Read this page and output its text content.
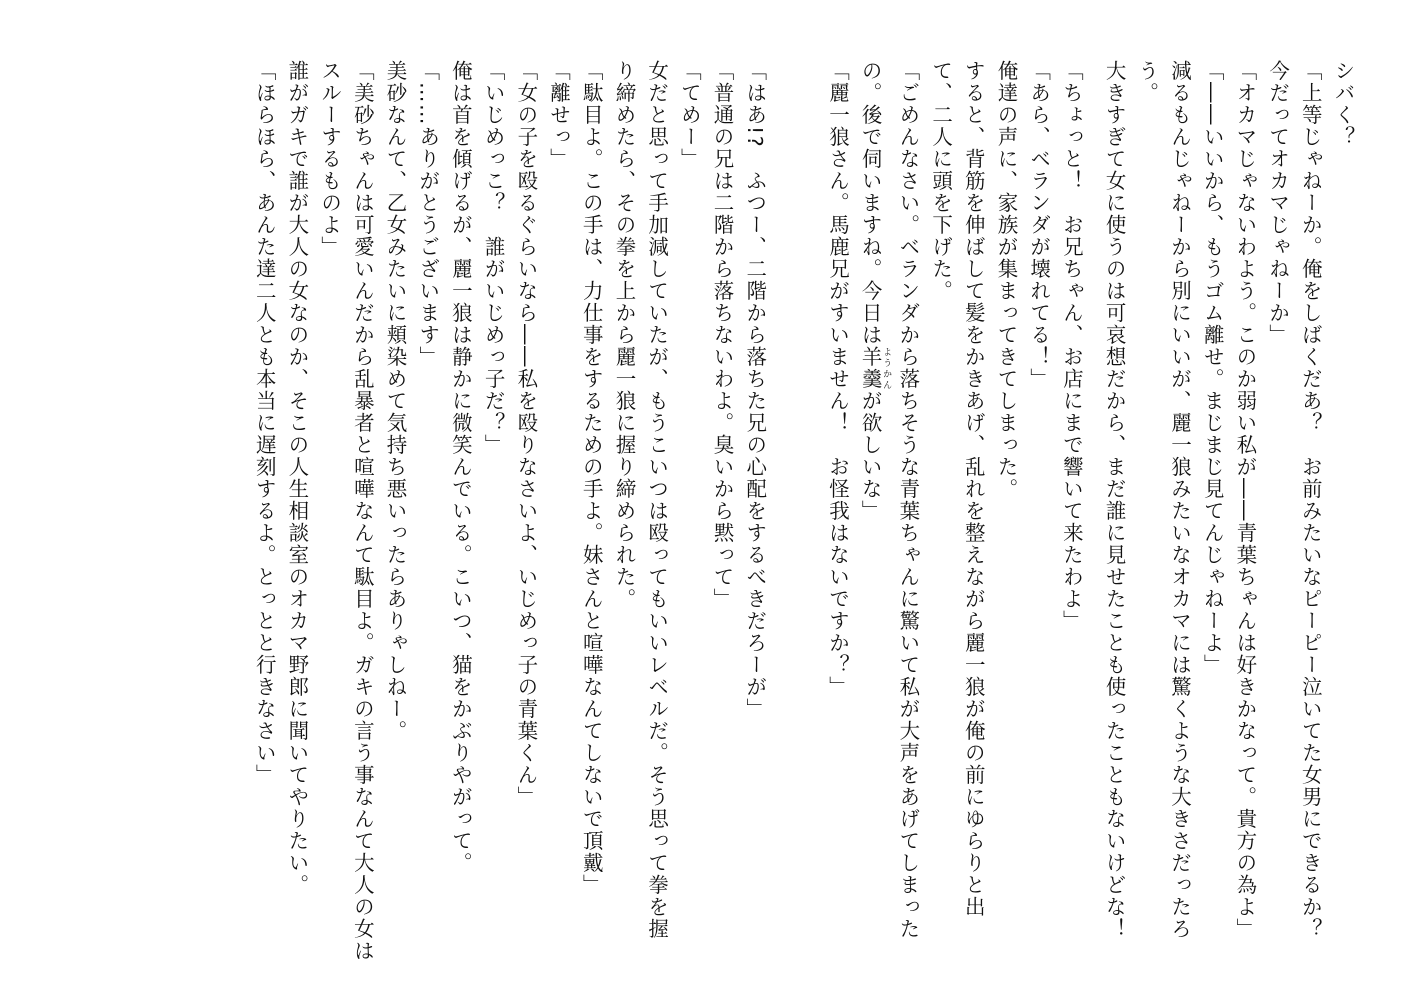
シバく？
「上等じゃねーか。俺をしばくだあ？　お前みたいなピーピー泣いてた女男にできるか？
今だってオカマじゃねーか」
「オカマじゃないわよう。このか弱い私が――青葉ちゃんは好きかなって。貴方の為よ」
「――いいから、もうゴム離せ。まじまじ見てんじゃねーよ」
減るもんじゃねーから別にいいが、麗一狼みたいなオカマには驚くような大きさだったろ
う。
大きすぎて女に使うのは可哀想だから、まだ誰に見せたことも使ったこともないけどな！
「ちょっと！　お兄ちゃん、お店にまで響いて来たわよ」
「あら、ベランダが壊れてる！」
俺達の声に、家族が集まってきてしまった。
すると、背筋を伸ばして髪をかきあげ、乱れを整えながら麗一狼が俺の前にゆらりと出
て、二人に頭を下げた。
「ごめんなさい。ベランダから落ちそうな青葉ちゃんに驚いて私が大声をあげてしまった
の。後で伺いますね。今日は羊羹 ようかんが欲しいな」
「麗一狼さん。馬鹿兄がすいません！　お怪我はないですか？」
「はあ!?　ふつー、二階から落ちた兄の心配をするべきだろーが」
「普通の兄は二階から落ちないわよ。臭いから黙って」
「てめー」
女だと思って手加減していたが、もうこいつは殴ってもいいレベルだ。そう思って拳を握
り締めたら、その拳を上から麗一狼に握り締められた。
「駄目よ。この手は、力仕事をするための手よ。妹さんと喧嘩なんてしないで頂戴」
「離せっ」
「女の子を殴るぐらいなら――私を殴りなさいよ、いじめっ子の青葉くん」
「いじめっこ？　誰がいじめっ子だ？」
俺は首を傾げるが、麗一狼は静かに微笑んでいる。こいつ、猫をかぶりやがって。
「……ありがとうございます」
美砂なんて、乙女みたいに頬染めて気持ち悪いったらありゃしねー。
「美砂ちゃんは可愛いんだから乱暴者と喧嘩なんて駄目よ。ガキの言う事なんて大人の女は
スルーするものよ」
誰がガキで誰が大人の女なのか、そこの人生相談室のオカマ野郎に聞いてやりたい。
「ほらほら、あんた達二人とも本当に遅刻するよ。とっとと行きなさい」
